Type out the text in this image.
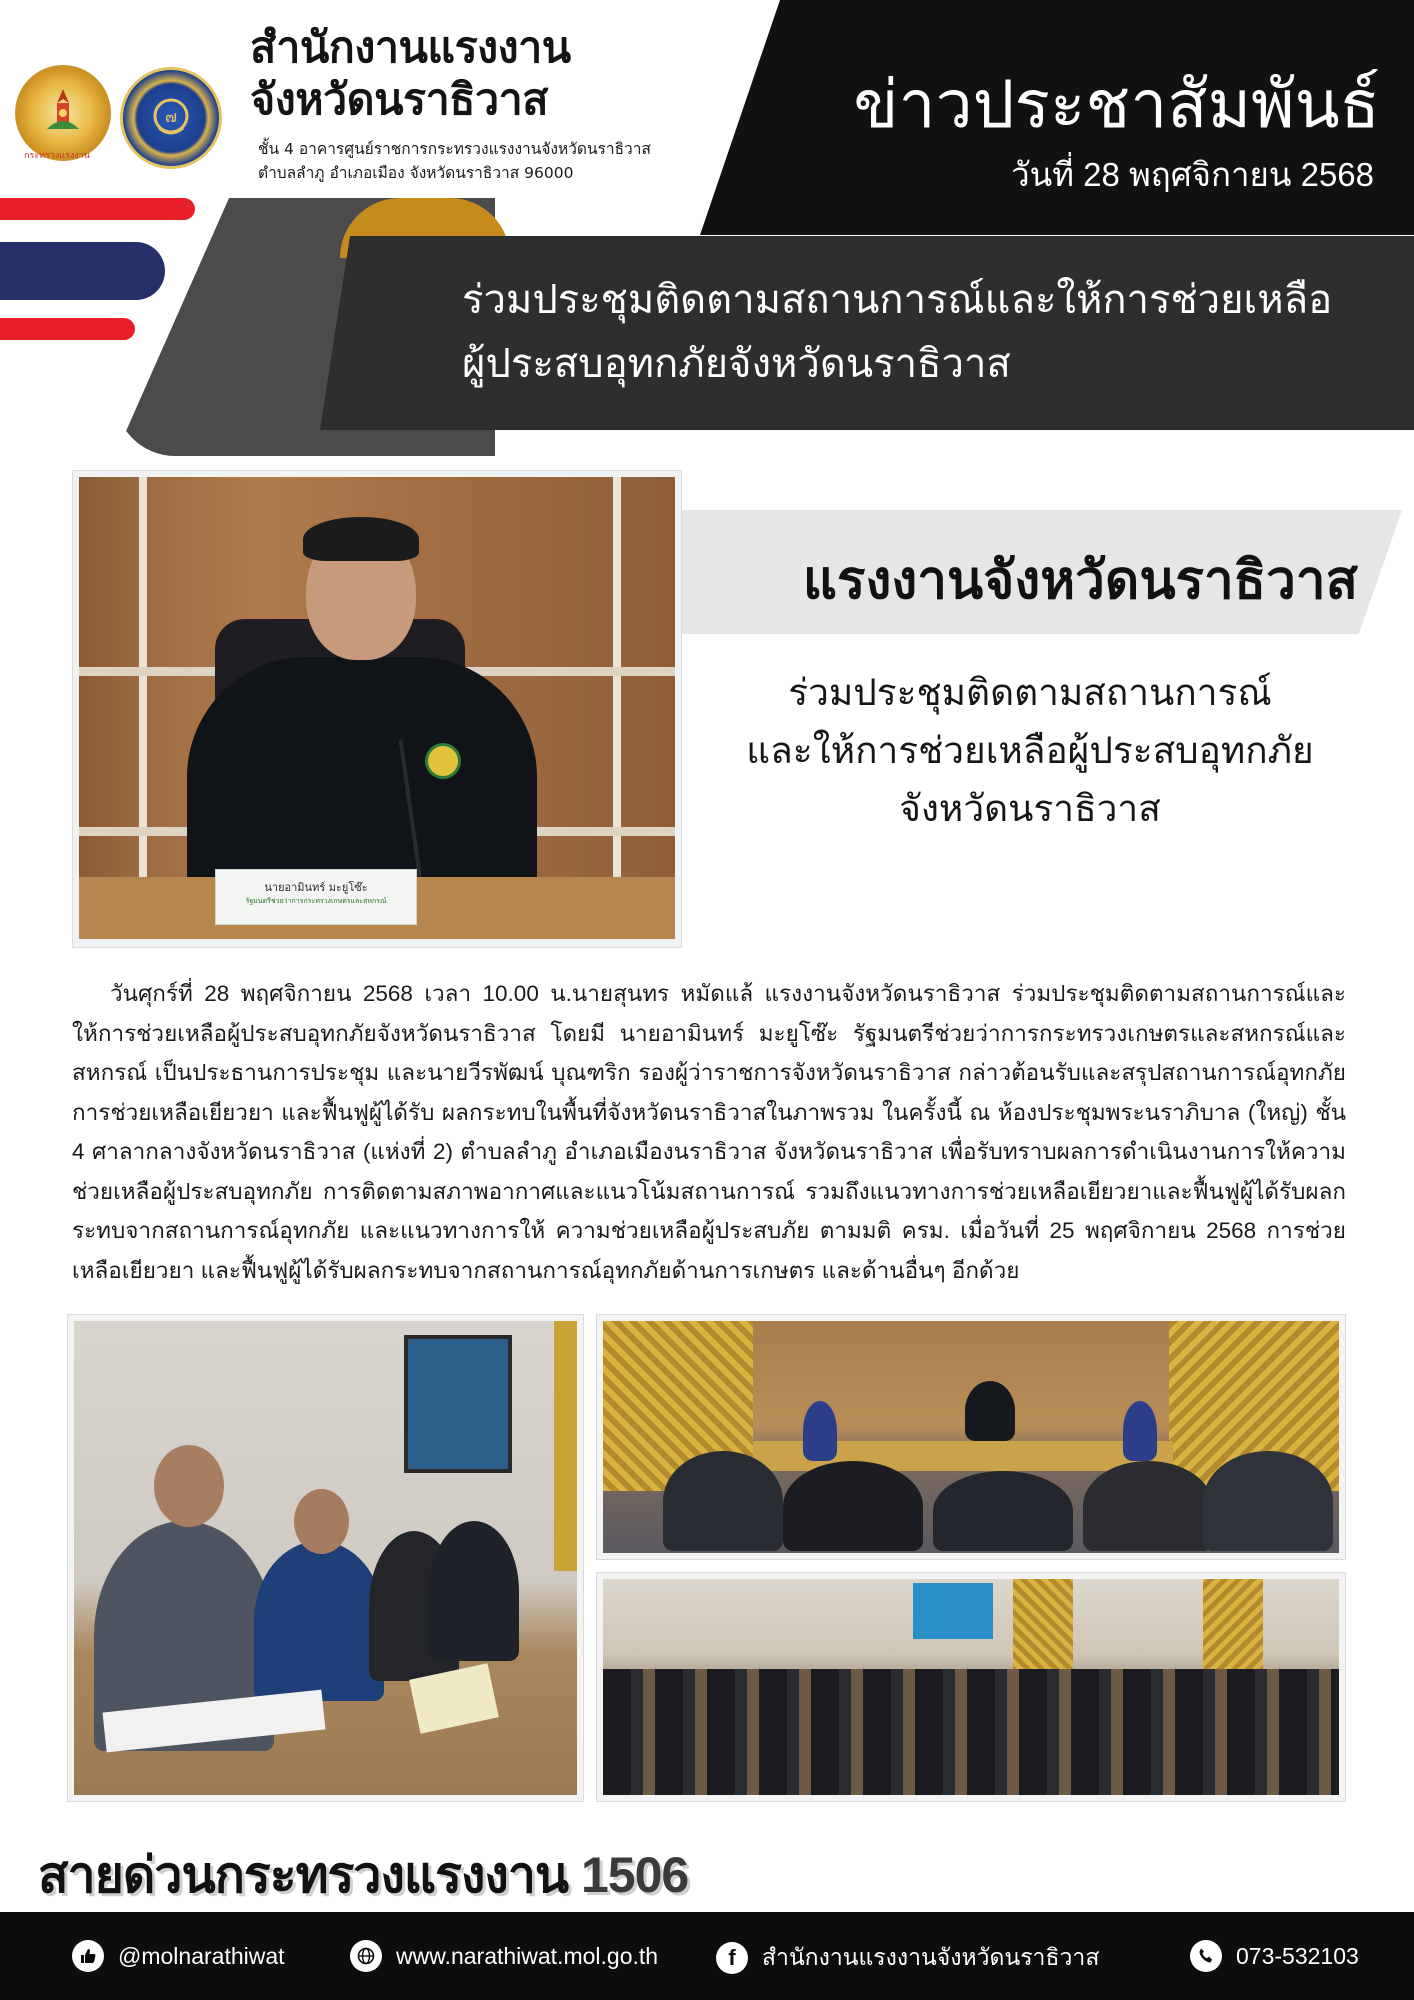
กระทรวงแรงงาน
๗
สำนักงานแรงงาน
จังหวัดนราธิวาส
ชั้น 4 อาคารศูนย์ราชการกระทรวงแรงงานจังหวัดนราธิวาส
ตำบลลำภู อำเภอเมือง จังหวัดนราธิวาส 96000
ข่าวประชาสัมพันธ์
วันที่ 28 พฤศจิกายน 2568
ร่วมประชุมติดตามสถานการณ์และให้การช่วยเหลือ
ผู้ประสบอุทกภัยจังหวัดนราธิวาส
นายอามินทร์ มะยูโซ๊ะ
รัฐมนตรีช่วยว่าการกระทรวงเกษตรและสหกรณ์
แรงงานจังหวัดนราธิวาส
ร่วมประชุมติดตามสถานการณ์
และให้การช่วยเหลือผู้ประสบอุทกภัย
จังหวัดนราธิวาส
วันศุกร์ที่ 28 พฤศจิกายน 2568 เวลา 10.00 น.นายสุนทร หมัดแล้ แรงงานจังหวัดนราธิวาส ร่วมประชุมติดตามสถานการณ์และให้การช่วยเหลือผู้ประสบอุทกภัยจังหวัดนราธิวาส โดยมี นายอามินทร์ มะยูโซ๊ะ รัฐมนตรีช่วยว่าการกระทรวงเกษตรและสหกรณ์และสหกรณ์ เป็นประธานการประชุม และนายวีรพัฒน์ บุณฑริก รองผู้ว่าราชการจังหวัดนราธิวาส กล่าวต้อนรับและสรุปสถานการณ์อุทกภัย การช่วยเหลือเยียวยา และฟื้นฟูผู้ได้รับ ผลกระทบในพื้นที่จังหวัดนราธิวาสในภาพรวม ในครั้งนี้ ณ ห้องประชุมพระนราภิบาล (ใหญ่) ชั้น 4 ศาลากลางจังหวัดนราธิวาส (แห่งที่ 2) ตำบลลำภู อำเภอเมืองนราธิวาส จังหวัดนราธิวาส เพื่อรับทราบผลการดำเนินงานการให้ความช่วยเหลือผู้ประสบอุทกภัย การติดตามสภาพอากาศและแนวโน้มสถานการณ์ รวมถึงแนวทางการช่วยเหลือเยียวยาและฟื้นฟูผู้ได้รับผลกระทบจากสถานการณ์อุทกภัย และแนวทางการให้ ความช่วยเหลือผู้ประสบภัย ตามมติ ครม. เมื่อวันที่ 25 พฤศจิกายน 2568 การช่วยเหลือเยียวยา และฟื้นฟูผู้ได้รับผลกระทบจากสถานการณ์อุทกภัยด้านการเกษตร และด้านอื่นๆ อีกด้วย
สายด่วนกระทรวงแรงงาน 1506
@molnarathiwat	www.narathiwat.mol.go.th	f	สำนักงานแรงงานจังหวัดนราธิวาส	073-532103
